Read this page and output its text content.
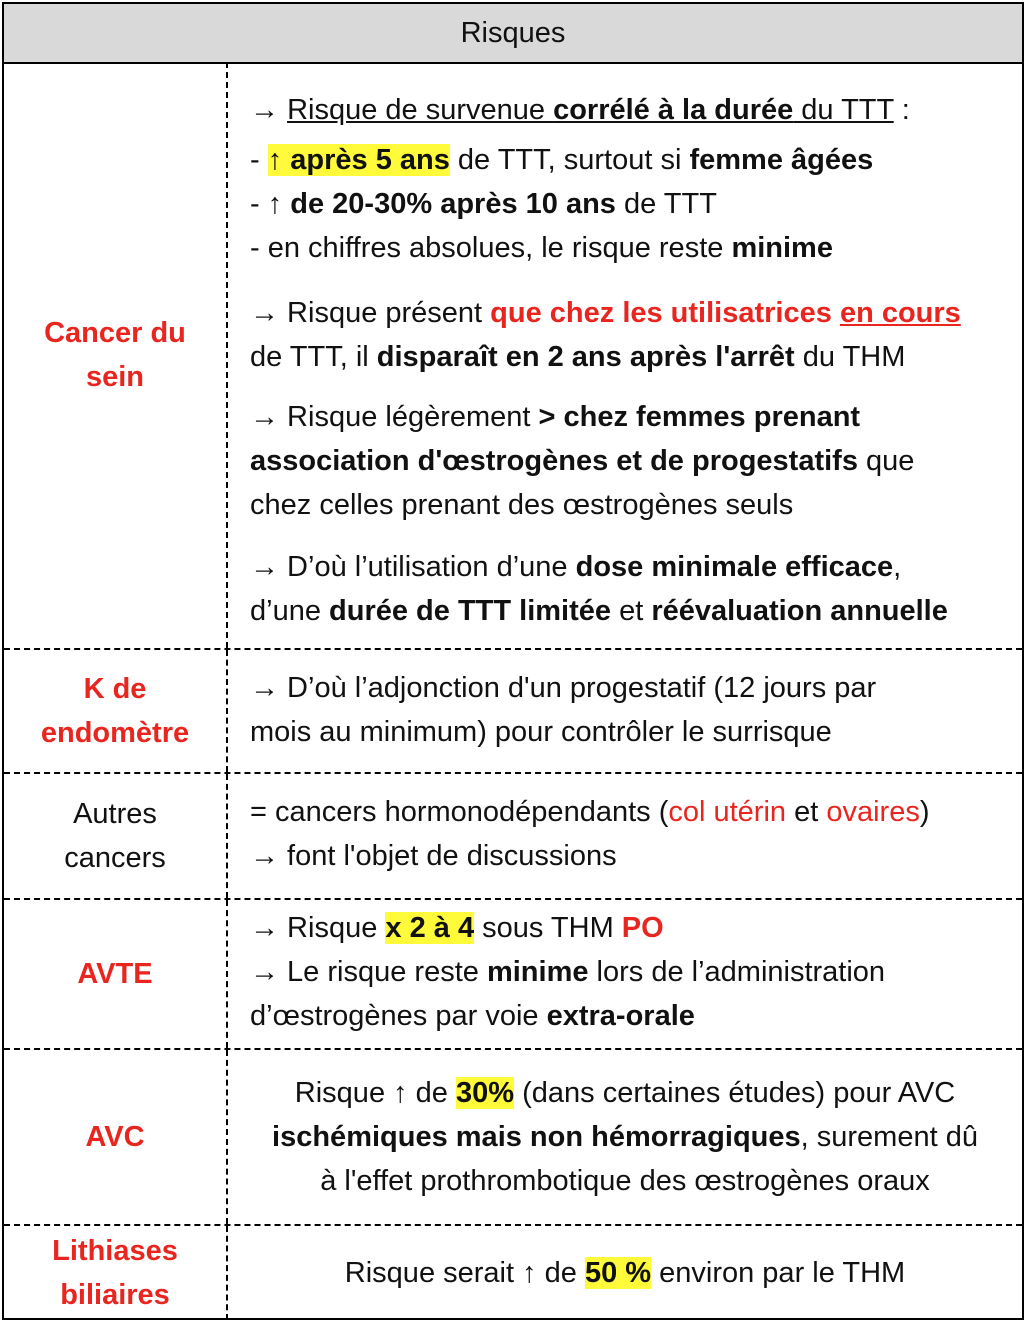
Risques
Cancer du sein
→ Risque de survenue corrélé à la durée du TTT :
- ↑ après 5 ans de TTT, surtout si femme âgées
- ↑ de 20-30% après 10 ans de TTT
- en chiffres absolues, le risque reste minime
→ Risque présent que chez les utilisatrices en cours
de TTT, il disparaît en 2 ans après l'arrêt du THM
→ Risque légèrement > chez femmes prenant
association d'œstrogènes et de progestatifs que
chez celles prenant des œstrogènes seuls
→ D’où l’utilisation d’une dose minimale efficace,
d’une durée de TTT limitée et réévaluation annuelle
K de endomètre
→ D’où l’adjonction d'un progestatif (12 jours par
mois au minimum) pour contrôler le surrisque
Autres cancers
= cancers hormonodépendants (col utérin et ovaires)
→ font l'objet de discussions
AVTE
→ Risque x 2 à 4 sous THM PO
→ Le risque reste minime lors de l’administration
d’œstrogènes par voie extra-orale
AVC
Risque ↑ de 30% (dans certaines études) pour AVC
ischémiques mais non hémorragiques, surement dû
à l'effet prothrombotique des œstrogènes oraux
Lithiases biliaires
Risque serait ↑ de 50 % environ par le THM
